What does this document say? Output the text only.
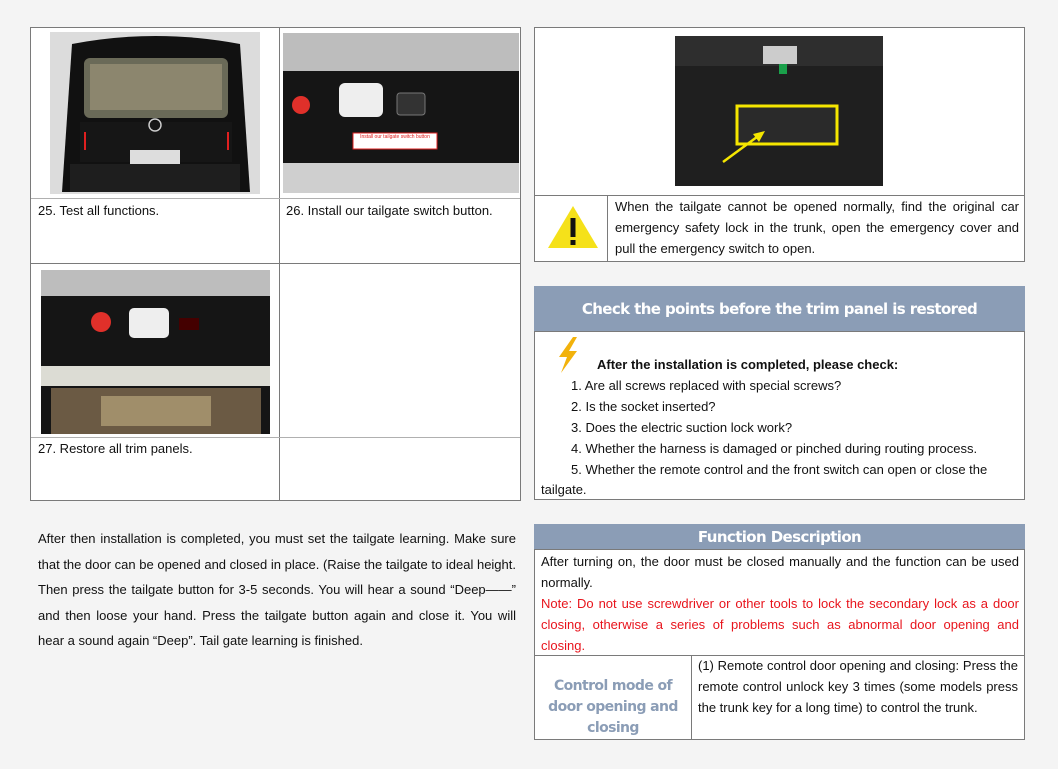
Install our tailgate switch button
25. Test all functions.	26. Install our tailgate switch button.
27. Restore all trim panels.
After then installation is completed, you must set the tailgate learning. Make sure that the door can be opened and closed in place. (Raise the tailgate to ideal height. Then press the tailgate button for 3-5 seconds. You will hear a sound “Deep——” and then loose your hand. Press the tailgate button again and close it. You will hear a sound again “Deep”. Tail gate learning is finished.
When the tailgate cannot be opened normally, find the original car emergency safety lock in the trunk, open the emergency cover and pull the emergency switch to open.
Check the points before the trim panel is restored
After the installation is completed, please check:
1. Are all screws replaced with special screws?
2. Is the socket inserted?
3. Does the electric suction lock work?
4. Whether the harness is damaged or pinched during routing process.
5. Whether the remote control and the front switch can open or close the
tailgate.
Function Description
After turning on, the door must be closed manually and the function can be used normally.
Note: Do not use screwdriver or other tools to lock the secondary lock as a door closing, otherwise a series of problems such as abnormal door opening and closing.
Control mode of door opening and closing
(1) Remote control door opening and closing: Press the remote control unlock key 3 times (some models press the trunk key for a long time) to control the trunk.
